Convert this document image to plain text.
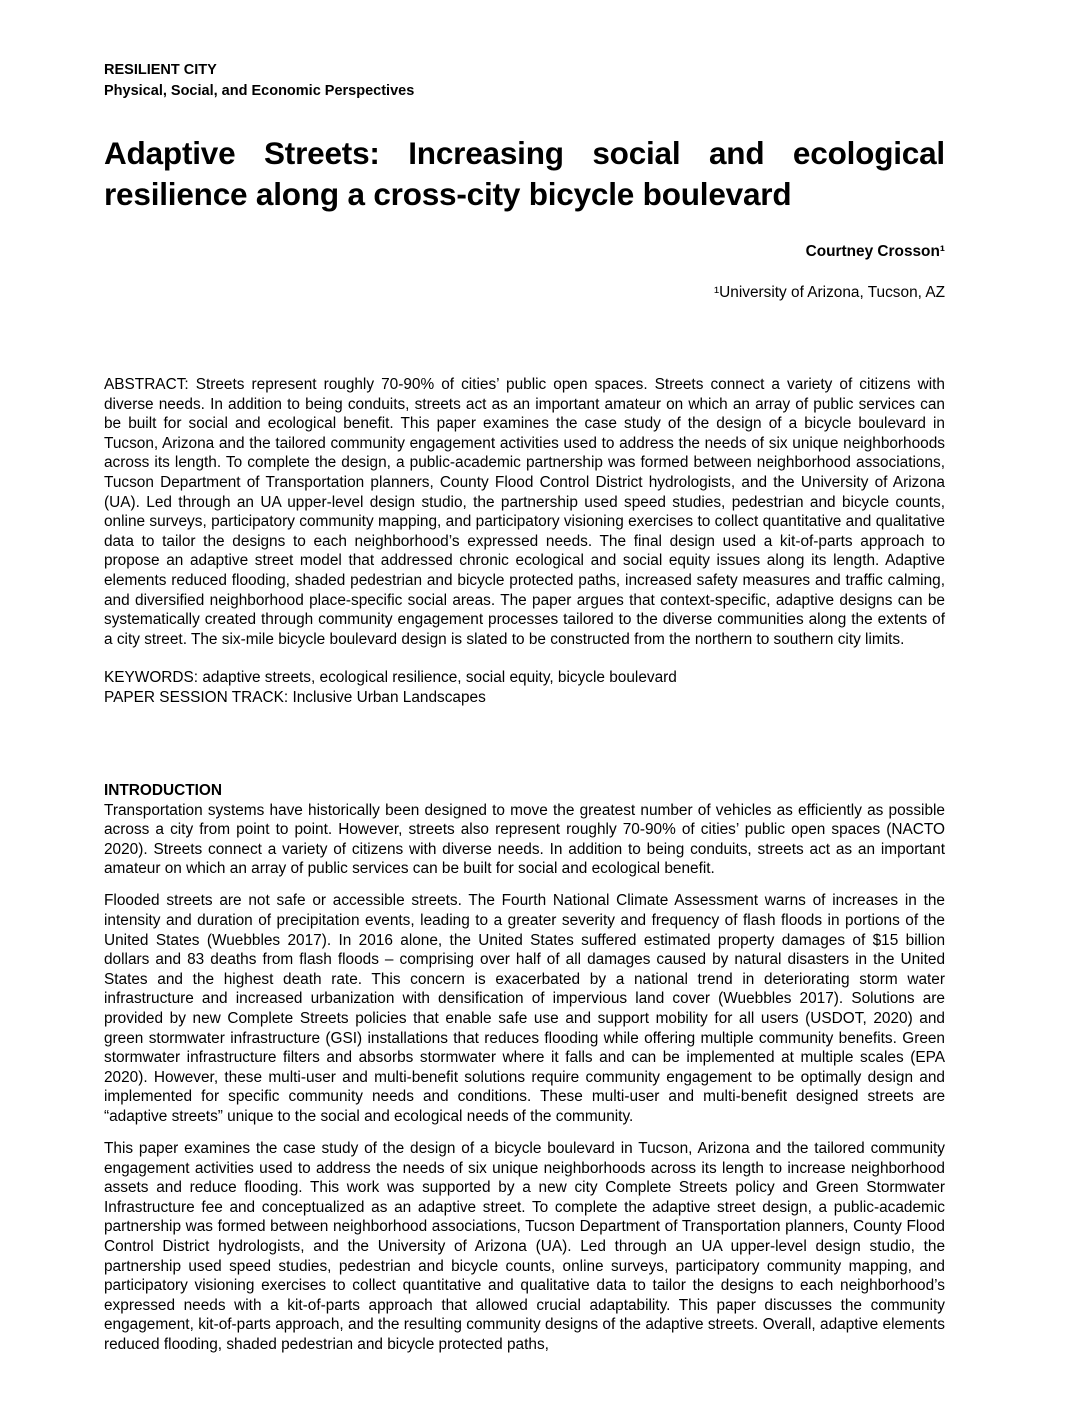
RESILIENT CITY
Physical, Social, and Economic Perspectives
Adaptive Streets: Increasing social and ecological
resilience along a cross-city bicycle boulevard
Courtney Crosson¹
¹University of Arizona, Tucson, AZ

ABSTRACT: Streets represent roughly 70-90% of cities’ public open spaces. Streets connect a variety of citizens with diverse needs. In addition to being conduits, streets act as an important amateur on which an array of public services can be built for social and ecological benefit. This paper examines the case study of the design of a bicycle boulevard in Tucson, Arizona and the tailored community engagement activities used to address the needs of six unique neighborhoods across its length. To complete the design, a public-academic partnership was formed between neighborhood associations, Tucson Department of Transportation planners, County Flood Control District hydrologists, and the University of Arizona (UA). Led through an UA upper-level design studio, the partnership used speed studies, pedestrian and bicycle counts, online surveys, participatory community mapping, and participatory visioning exercises to collect quantitative and qualitative data to tailor the designs to each neighborhood’s expressed needs. The final design used a kit-of-parts approach to propose an adaptive street model that addressed chronic ecological and social equity issues along its length. Adaptive elements reduced flooding, shaded pedestrian and bicycle protected paths, increased safety measures and traffic calming, and diversified neighborhood place-specific social areas. The paper argues that context-specific, adaptive designs can be systematically created through community engagement processes tailored to the diverse communities along the extents of a city street. The six-mile bicycle boulevard design is slated to be constructed from the northern to southern city limits.

KEYWORDS: adaptive streets, ecological resilience, social equity, bicycle boulevard
PAPER SESSION TRACK: Inclusive Urban Landscapes
INTRODUCTION

Transportation systems have historically been designed to move the greatest number of vehicles as efficiently as possible across a city from point to point. However, streets also represent roughly 70-90% of cities’ public open spaces (NACTO 2020). Streets connect a variety of citizens with diverse needs. In addition to being conduits, streets act as an important amateur on which an array of public services can be built for social and ecological benefit.

Flooded streets are not safe or accessible streets. The Fourth National Climate Assessment warns of increases in the intensity and duration of precipitation events, leading to a greater severity and frequency of flash floods in portions of the United States (Wuebbles 2017). In 2016 alone, the United States suffered estimated property damages of $15 billion dollars and 83 deaths from flash floods – comprising over half of all damages caused by natural disasters in the United States and the highest death rate. This concern is exacerbated by a national trend in deteriorating storm water infrastructure and increased urbanization with densification of impervious land cover (Wuebbles 2017). Solutions are provided by new Complete Streets policies that enable safe use and support mobility for all users (USDOT, 2020) and green stormwater infrastructure (GSI) installations that reduces flooding while offering multiple community benefits. Green stormwater infrastructure filters and absorbs stormwater where it falls and can be implemented at multiple scales (EPA 2020). However, these multi-user and multi-benefit solutions require community engagement to be optimally design and implemented for specific community needs and conditions. These multi-user and multi-benefit designed streets are “adaptive streets” unique to the social and ecological needs of the community.

This paper examines the case study of the design of a bicycle boulevard in Tucson, Arizona and the tailored community engagement activities used to address the needs of six unique neighborhoods across its length to increase neighborhood assets and reduce flooding. This work was supported by a new city Complete Streets policy and Green Stormwater Infrastructure fee and conceptualized as an adaptive street. To complete the adaptive street design, a public-academic partnership was formed between neighborhood associations, Tucson Department of Transportation planners, County Flood Control District hydrologists, and the University of Arizona (UA). Led through an UA upper-level design studio, the partnership used speed studies, pedestrian and bicycle counts, online surveys, participatory community mapping, and participatory visioning exercises to collect quantitative and qualitative data to tailor the designs to each neighborhood’s expressed needs with a kit-of-parts approach that allowed crucial adaptability. This paper discusses the community engagement, kit-of-parts approach, and the resulting community designs of the adaptive streets. Overall, adaptive elements reduced flooding, shaded pedestrian and bicycle protected paths,
